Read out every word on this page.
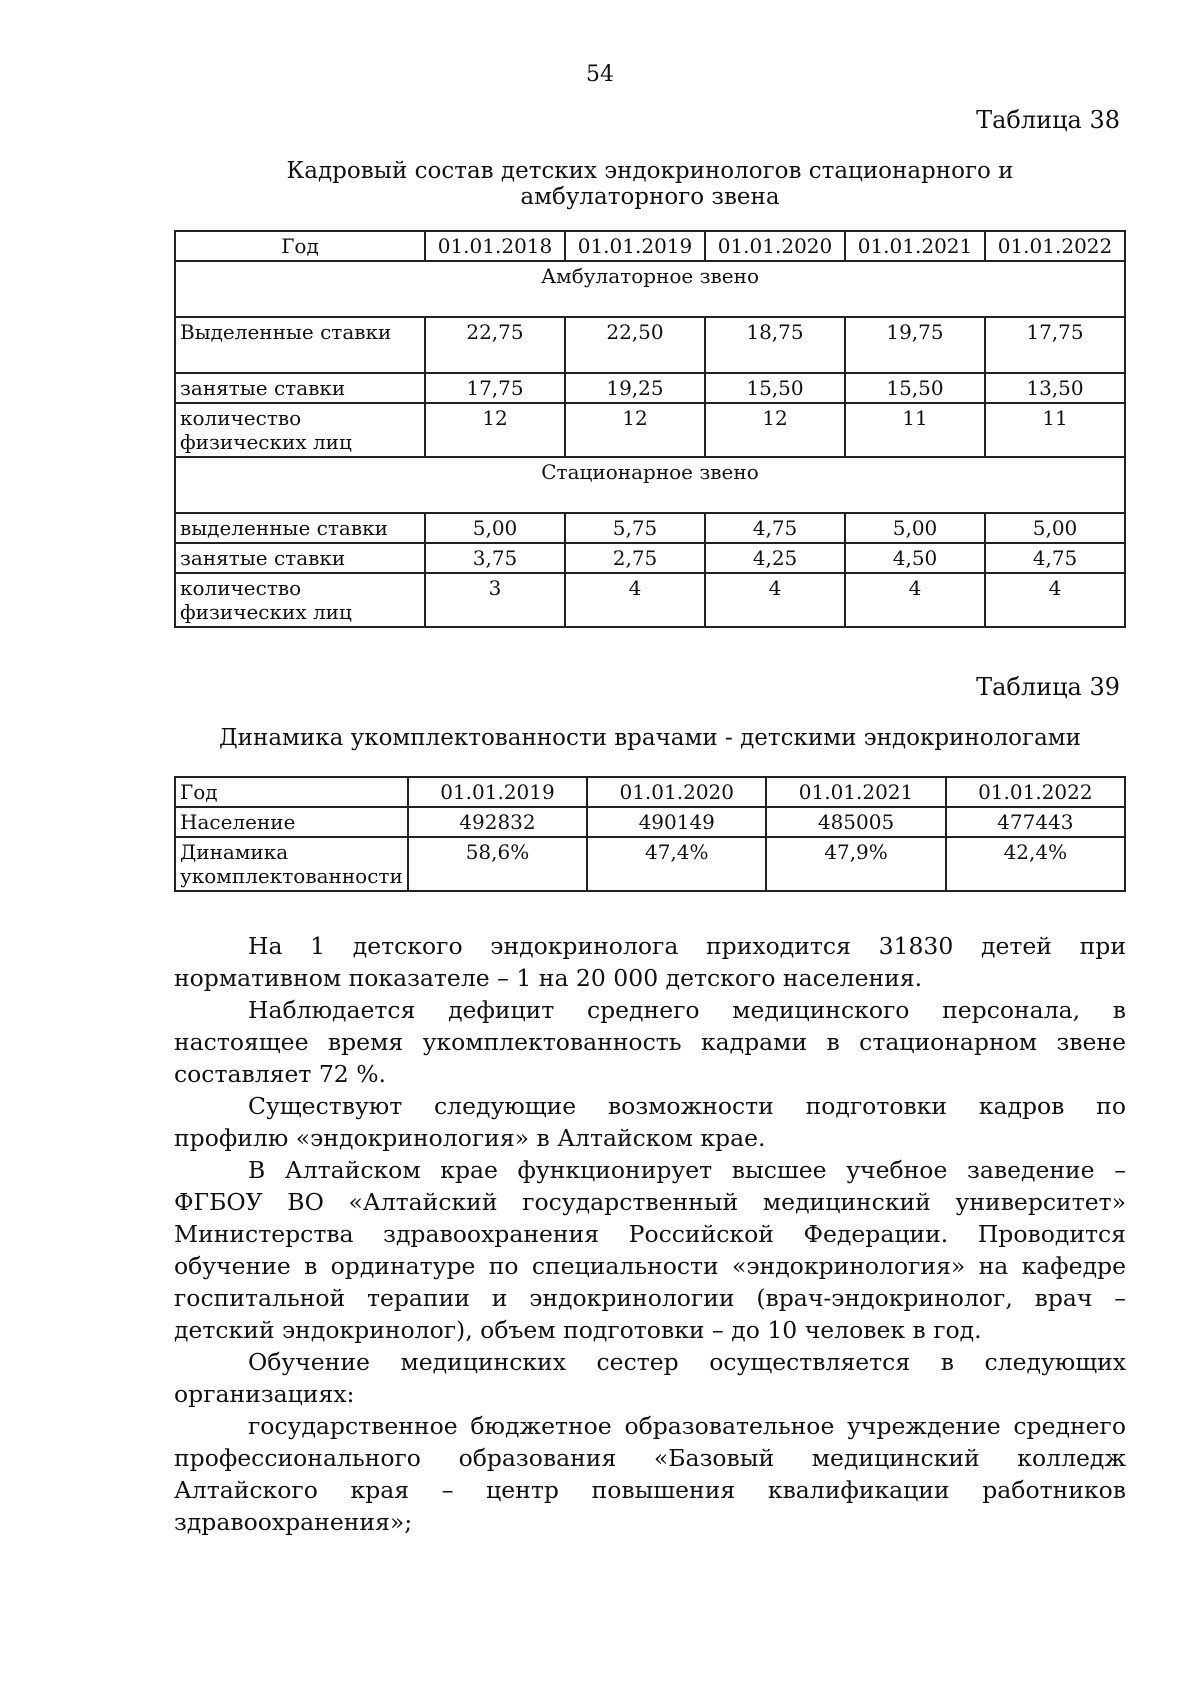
54
Таблица 38
Кадровый состав детских эндокринологов стационарного и
амбулаторного звена
Год	01.01.2018	01.01.2019	01.01.2020	01.01.2021	01.01.2022
Амбулаторное звено					
Выделенные ставки	22,75	22,50	18,75	19,75	17,75
занятые ставки	17,75	19,25	15,50	15,50	13,50
количество физических лиц	12	12	12	11	11
Стационарное звено					
выделенные ставки	5,00	5,75	4,75	5,00	5,00
занятые ставки	3,75	2,75	4,25	4,50	4,75
количество физических лиц	3	4	4	4	4
Таблица 39
Динамика укомплектованности врачами - детскими эндокринологами
Год	01.01.2019	01.01.2020	01.01.2021	01.01.2022
Население	492832	490149	485005	477443
Динамика укомплектованности	58,6%	47,4%	47,9%	42,4%

На 1 детского эндокринолога приходится 31830 детей при нормативном показателе – 1 на 20 000 детского населения.

Наблюдается дефицит среднего медицинского персонала, в настоящее время укомплектованность кадрами в стационарном звене составляет 72 %.

Существуют следующие возможности подготовки кадров по профилю «эндокринология» в Алтайском крае.

В Алтайском крае функционирует высшее учебное заведение – ФГБОУ ВО «Алтайский государственный медицинский университет» Министерства здравоохранения Российской Федерации. Проводится обучение в ординатуре по специальности «эндокринология» на кафедре госпитальной терапии и эндокринологии (врач-эндокринолог, врач – детский эндокринолог), объем подготовки – до 10 человек в год.

Обучение медицинских сестер осуществляется в следующих организациях:

государственное бюджетное образовательное учреждение среднего профессионального образования «Базовый медицинский колледж Алтайского края – центр повышения квалификации работников здравоохранения»;
